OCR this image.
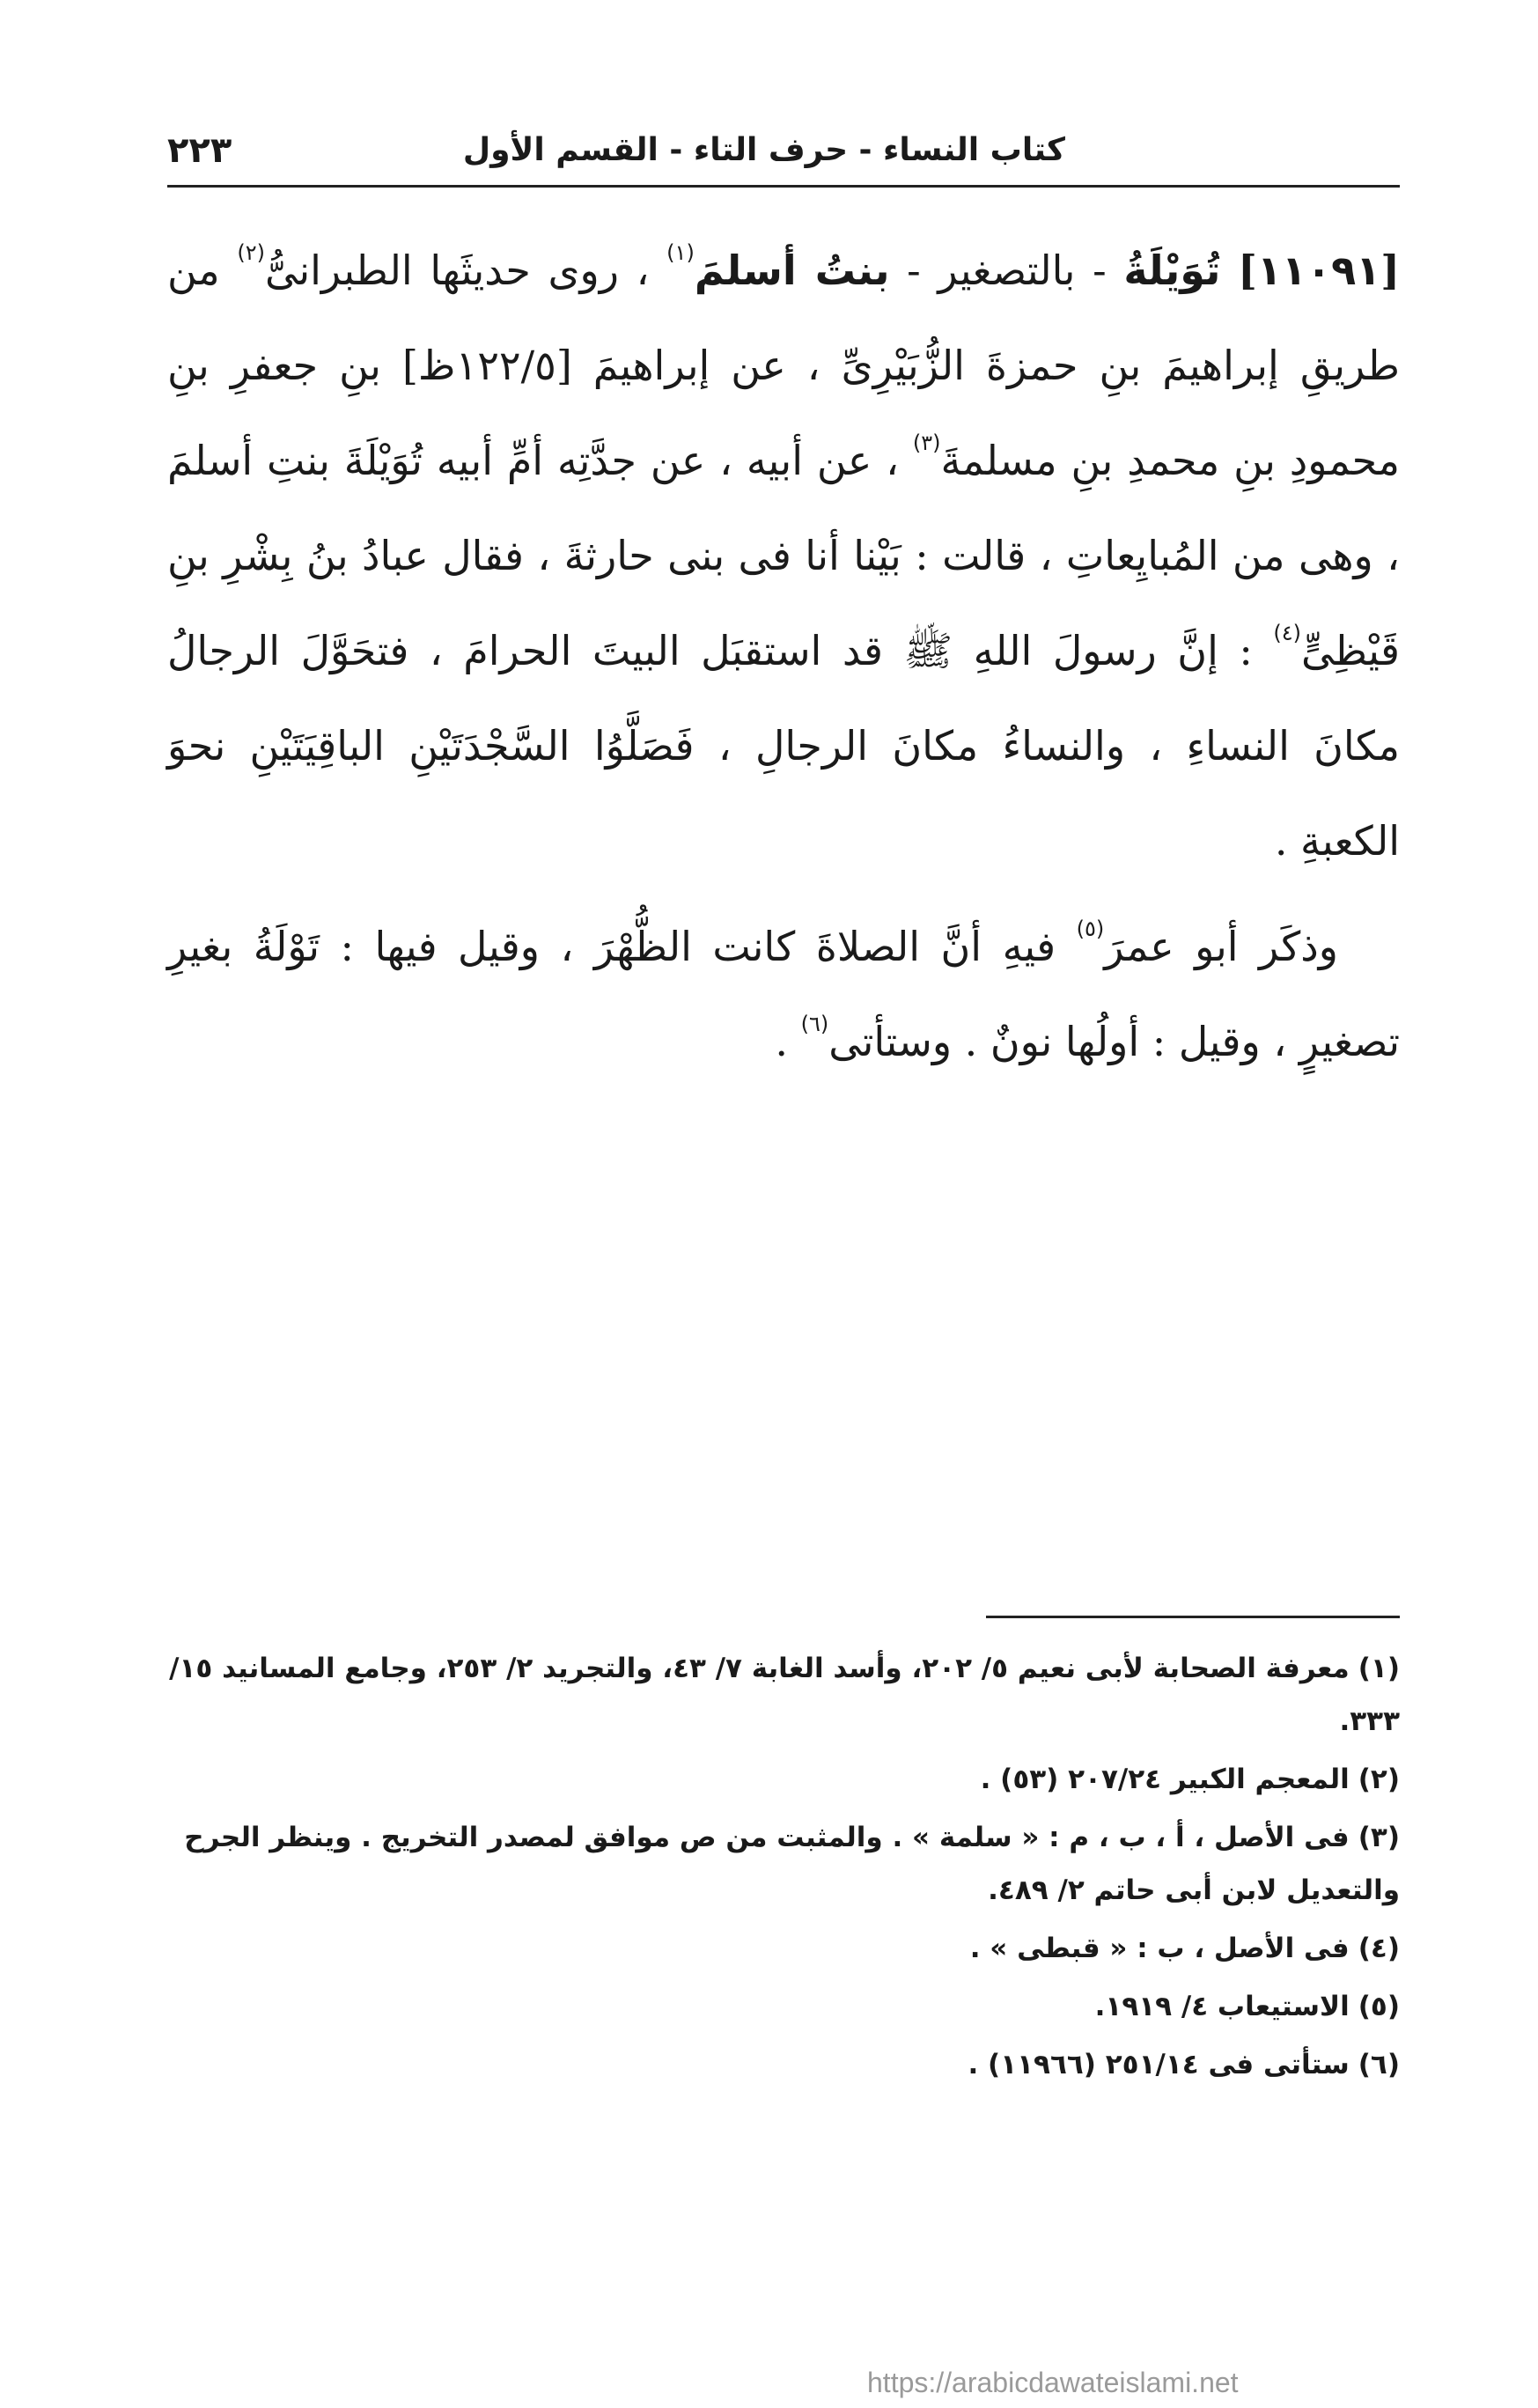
كتاب النساء - حرف التاء - القسم الأول
٢٢٣

[١١٠٩١] تُوَيْلَةُ - بالتصغير - بنتُ أسلمَ$^{(١)}$ ، روى حديثَها الطبرانىُّ$^{(٢)}$ من طريقِ إبراهيمَ بنِ حمزةَ الزُّبَيْرِىِّ ، عن إبراهيمَ [١٢٢/٥ظ] بنِ جعفرِ بنِ محمودِ بنِ محمدِ بنِ مسلمةَ$^{(٣)}$ ، عن أبيه ، عن جدَّتِه أمِّ أبيه تُوَيْلَةَ بنتِ أسلمَ ، وهى من المُبايِعاتِ ، قالت : بَيْنا أنا فى بنى حارثةَ ، فقال عبادُ بنُ بِشْرِ بنِ قَيْظِىٍّ$^{(٤)}$ : إنَّ رسولَ اللهِ ﷺ قد استقبَل البيتَ الحرامَ ، فتحَوَّلَ الرجالُ مكانَ النساءِ ، والنساءُ مكانَ الرجالِ ، فَصَلَّوُا السَّجْدَتَيْنِ الباقِيَتَيْنِ نحوَ الكعبةِ .

وذكَر أبو عمرَ$^{(٥)}$ فيهِ أنَّ الصلاةَ كانت الظُّهْرَ ، وقيل فيها : تَوْلَةُ بغيرِ تصغيرٍ ، وقيل : أولُها نونٌ . وستأتى$^{(٦)}$ .

(١)معرفة الصحابة لأبى نعيم ٥/ ٢٠٢، وأسد الغابة ٧/ ٤٣، والتجريد ٢/ ٢٥٣، وجامع المسانيد ١٥/ ٣٣٣.

(٢)المعجم الكبير ٢٠٧/٢٤ (٥٣) .

(٣)فى الأصل ، أ ، ب ، م : « سلمة » . والمثبت من ص موافق لمصدر التخريج . وينظر الجرح والتعديل لابن أبى حاتم ٢/ ٤٨٩.

(٤)فى الأصل ، ب : « قبطى » .

(٥)الاستيعاب ٤/ ١٩١٩.

(٦)ستأتى فى ٢٥١/١٤ (١١٩٦٦) .

https://arabicdawateislami.net
